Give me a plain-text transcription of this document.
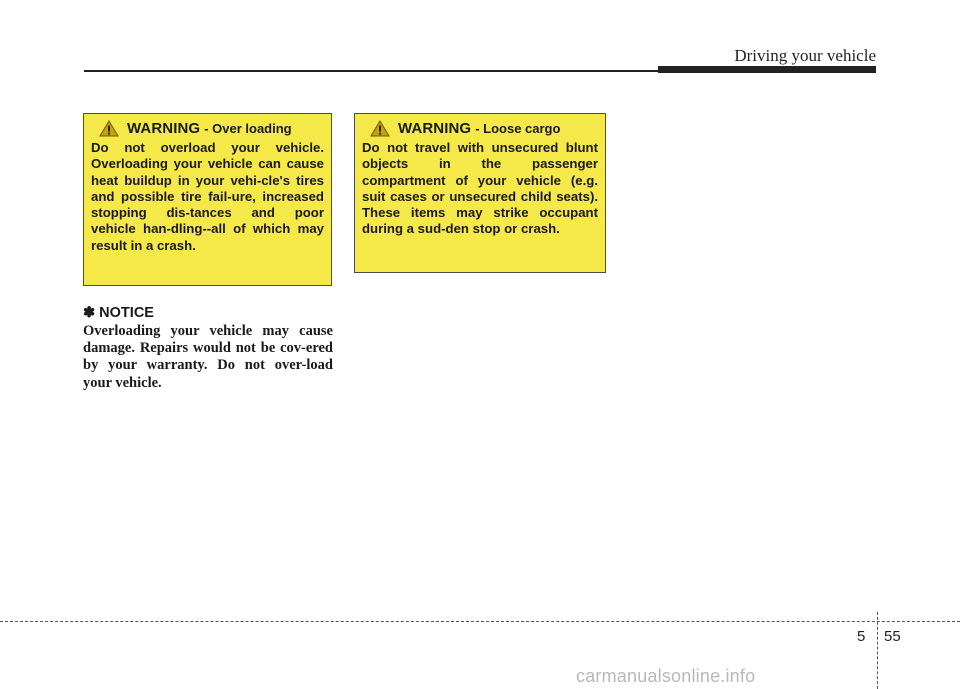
Driving your vehicle
WARNING - Over loading

Do not overload your vehicle. Overloading your vehicle can cause heat buildup in your vehi-cle's tires and possible tire fail-ure, increased stopping dis-tances and poor vehicle han-dling--all of which may result in a crash.

WARNING - Loose cargo

Do not travel with unsecured blunt objects in the passenger compartment of your vehicle (e.g. suit cases or unsecured child seats). These items may strike occupant during a sud-den stop or crash.

✽ NOTICE

Overloading your vehicle may cause damage. Repairs would not be cov-ered by your warranty. Do not over-load your vehicle.

5 55
carmanualsonline.info
